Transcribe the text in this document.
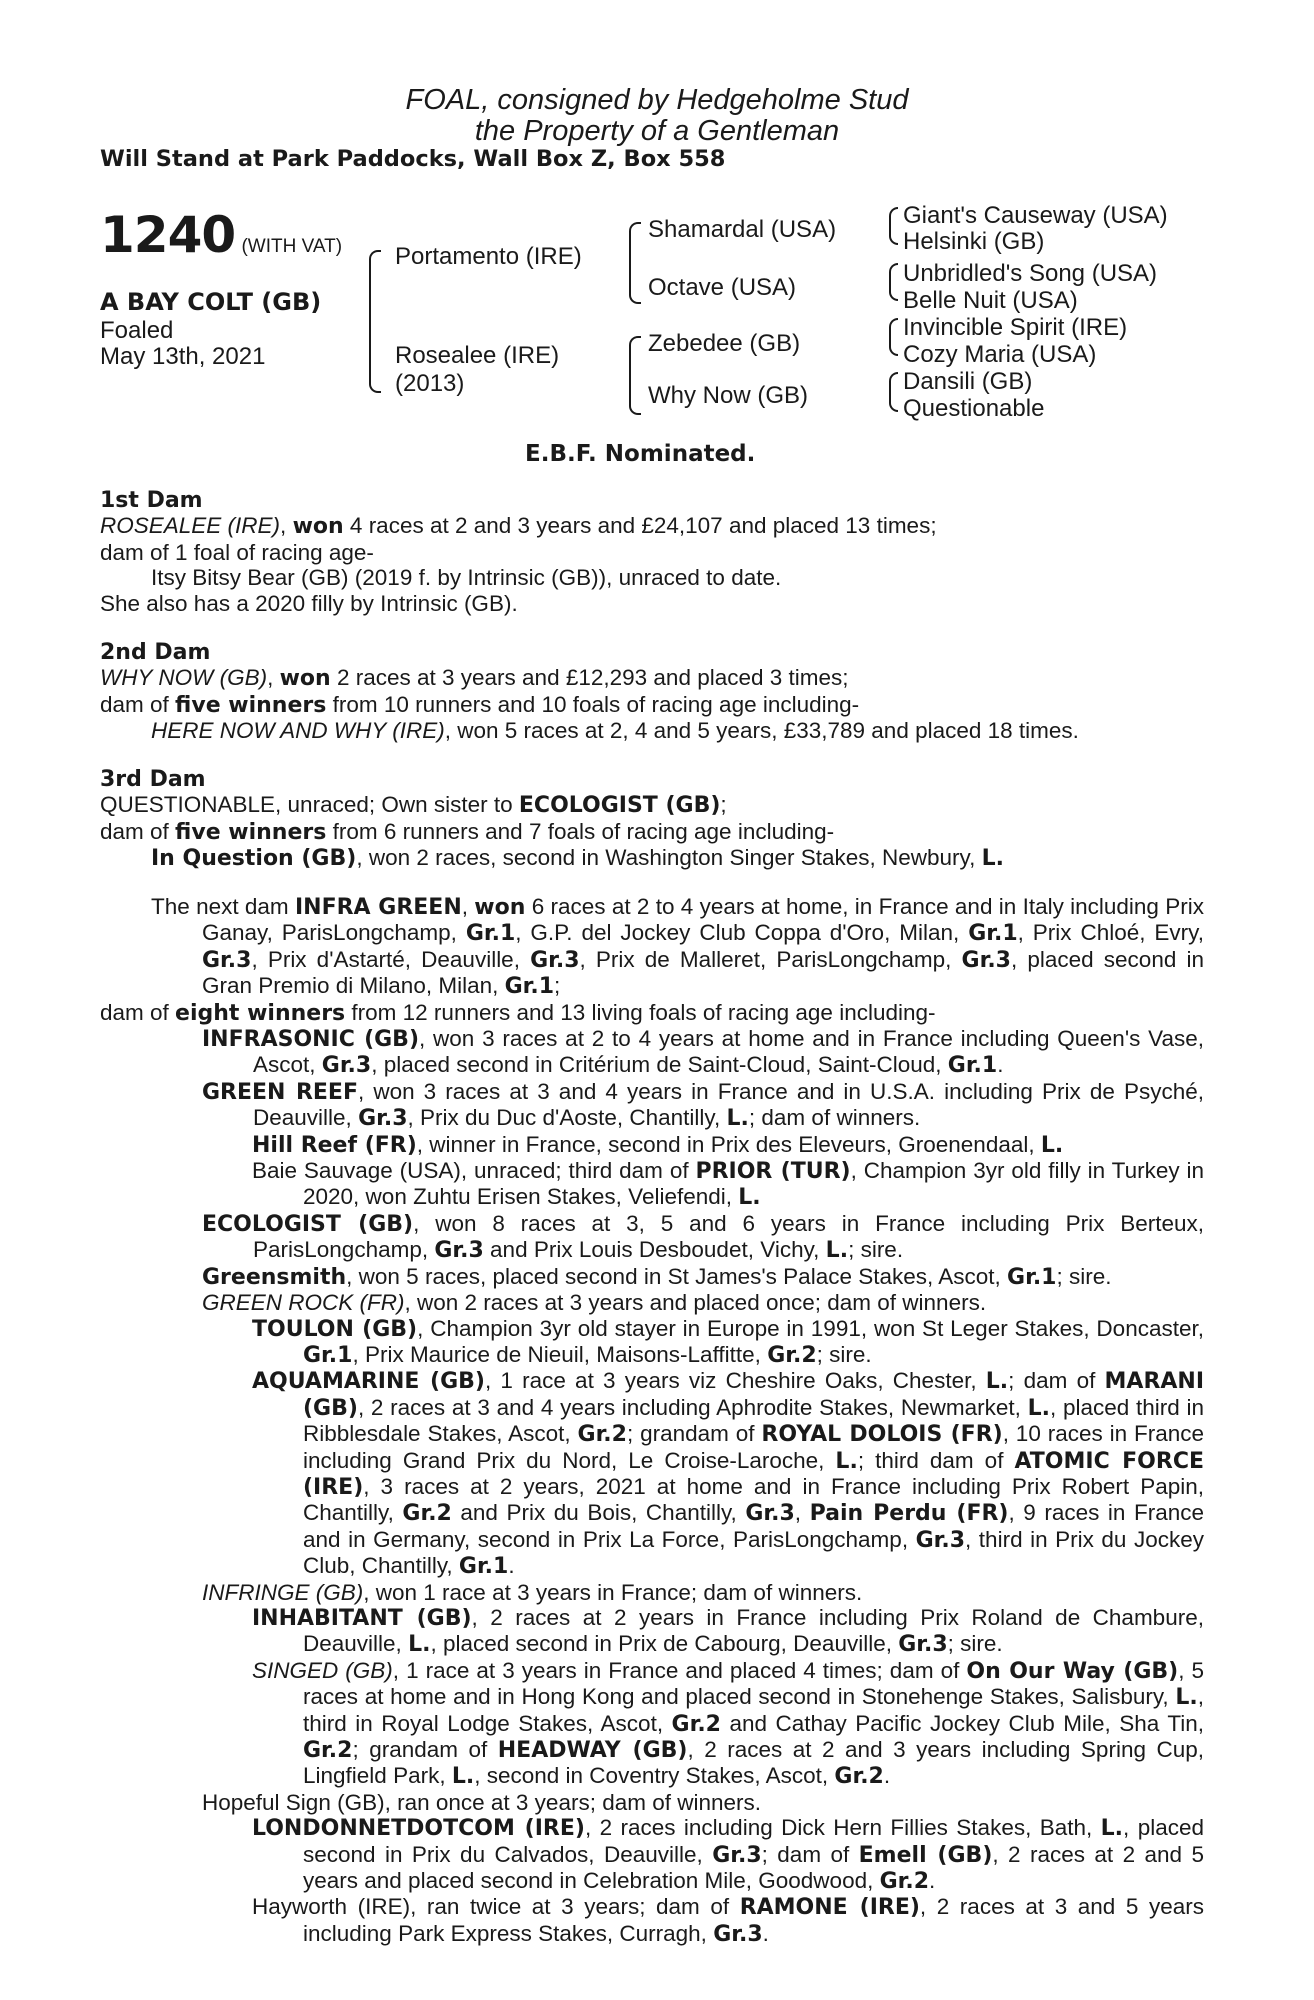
FOAL, consigned by Hedgeholme Stud
the Property of a Gentleman
Will Stand at Park Paddocks, Wall Box Z, Box 558
1240 (WITH VAT)
A BAY COLT (GB)
Foaled
May 13th, 2021
Portamento (IRE)
Rosealee (IRE)
(2013)
Shamardal (USA)
Octave (USA)
Zebedee (GB)
Why Now (GB)
Giant's Causeway (USA)
Helsinki (GB)
Unbridled's Song (USA)
Belle Nuit (USA)
Invincible Spirit (IRE)
Cozy Maria (USA)
Dansili (GB)
Questionable
E.B.F. Nominated.

1st Dam

ROSEALEE (IRE), won 4 races at 2 and 3 years and £24,107 and placed 13 times;

dam of 1 foal of racing age-

Itsy Bitsy Bear (GB) (2019 f. by Intrinsic (GB)), unraced to date.

She also has a 2020 filly by Intrinsic (GB).

2nd Dam

WHY NOW (GB), won 2 races at 3 years and £12,293 and placed 3 times;

dam of five winners from 10 runners and 10 foals of racing age including-

HERE NOW AND WHY (IRE), won 5 races at 2, 4 and 5 years, £33,789 and placed 18 times.

3rd Dam

QUESTIONABLE, unraced; Own sister to ECOLOGIST (GB);

dam of five winners from 6 runners and 7 foals of racing age including-

In Question (GB), won 2 races, second in Washington Singer Stakes, Newbury, L.

The next dam INFRA GREEN, won 6 races at 2 to 4 years at home, in France and in Italy including Prix Ganay, ParisLongchamp, Gr.1, G.P. del Jockey Club Coppa d'Oro, Milan, Gr.1, Prix Chloé, Evry, Gr.3, Prix d'Astarté, Deauville, Gr.3, Prix de Malleret, ParisLongchamp, Gr.3, placed second in Gran Premio di Milano, Milan, Gr.1;

dam of eight winners from 12 runners and 13 living foals of racing age including-

INFRASONIC (GB), won 3 races at 2 to 4 years at home and in France including Queen's Vase, Ascot, Gr.3, placed second in Critérium de Saint-Cloud, Saint-Cloud, Gr.1.

GREEN REEF, won 3 races at 3 and 4 years in France and in U.S.A. including Prix de Psyché, Deauville, Gr.3, Prix du Duc d'Aoste, Chantilly, L.; dam of winners.

Hill Reef (FR), winner in France, second in Prix des Eleveurs, Groenendaal, L.

Baie Sauvage (USA), unraced; third dam of PRIOR (TUR), Champion 3yr old filly in Turkey in 2020, won Zuhtu Erisen Stakes, Veliefendi, L.

ECOLOGIST (GB), won 8 races at 3, 5 and 6 years in France including Prix Berteux, ParisLongchamp, Gr.3 and Prix Louis Desboudet, Vichy, L.; sire.

Greensmith, won 5 races, placed second in St James's Palace Stakes, Ascot, Gr.1; sire.

GREEN ROCK (FR), won 2 races at 3 years and placed once; dam of winners.

TOULON (GB), Champion 3yr old stayer in Europe in 1991, won St Leger Stakes, Doncaster, Gr.1, Prix Maurice de Nieuil, Maisons-Laffitte, Gr.2; sire.

AQUAMARINE (GB), 1 race at 3 years viz Cheshire Oaks, Chester, L.; dam of MARANI (GB), 2 races at 3 and 4 years including Aphrodite Stakes, Newmarket, L., placed third in Ribblesdale Stakes, Ascot, Gr.2; grandam of ROYAL DOLOIS (FR), 10 races in France including Grand Prix du Nord, Le Croise-Laroche, L.; third dam of ATOMIC FORCE (IRE), 3 races at 2 years, 2021 at home and in France including Prix Robert Papin, Chantilly, Gr.2 and Prix du Bois, Chantilly, Gr.3, Pain Perdu (FR), 9 races in France and in Germany, second in Prix La Force, ParisLongchamp, Gr.3, third in Prix du Jockey Club, Chantilly, Gr.1.

INFRINGE (GB), won 1 race at 3 years in France; dam of winners.

INHABITANT (GB), 2 races at 2 years in France including Prix Roland de Chambure, Deauville, L., placed second in Prix de Cabourg, Deauville, Gr.3; sire.

SINGED (GB), 1 race at 3 years in France and placed 4 times; dam of On Our Way (GB), 5 races at home and in Hong Kong and placed second in Stonehenge Stakes, Salisbury, L., third in Royal Lodge Stakes, Ascot, Gr.2 and Cathay Pacific Jockey Club Mile, Sha Tin, Gr.2; grandam of HEADWAY (GB), 2 races at 2 and 3 years including Spring Cup, Lingfield Park, L., second in Coventry Stakes, Ascot, Gr.2.

Hopeful Sign (GB), ran once at 3 years; dam of winners.

LONDONNETDOTCOM (IRE), 2 races including Dick Hern Fillies Stakes, Bath, L., placed second in Prix du Calvados, Deauville, Gr.3; dam of Emell (GB), 2 races at 2 and 5 years and placed second in Celebration Mile, Goodwood, Gr.2.

Hayworth (IRE), ran twice at 3 years; dam of RAMONE (IRE), 2 races at 3 and 5 years including Park Express Stakes, Curragh, Gr.3.
